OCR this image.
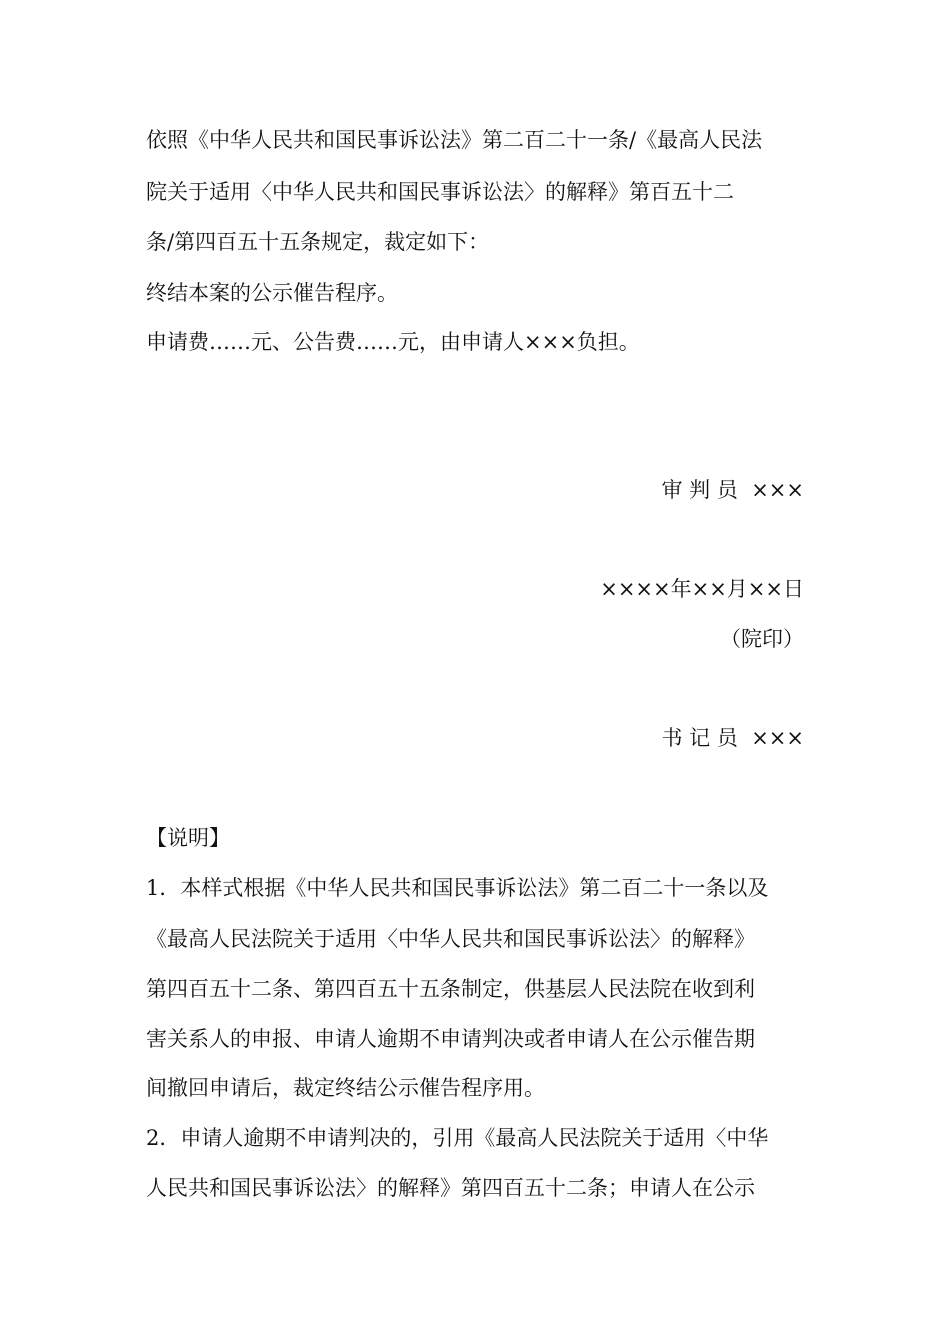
依照《中华人民共和国民事诉讼法》第二百二十一条/《最高人民法
院关于适用〈中华人民共和国民事诉讼法〉的解释》第百五十二
条/第四百五十五条规定，裁定如下：
终结本案的公示催告程序。
申请费……元、公告费……元，由申请人×××负担。
审 判 员  ×××
××××年××月××日
（院印）
书 记 员  ×××
【说明】
1．本样式根据《中华人民共和国民事诉讼法》第二百二十一条以及
《最高人民法院关于适用〈中华人民共和国民事诉讼法〉的解释》
第四百五十二条、第四百五十五条制定，供基层人民法院在收到利
害关系人的申报、申请人逾期不申请判决或者申请人在公示催告期
间撤回申请后，裁定终结公示催告程序用。
2．申请人逾期不申请判决的，引用《最高人民法院关于适用〈中华
人民共和国民事诉讼法〉的解释》第四百五十二条；申请人在公示
